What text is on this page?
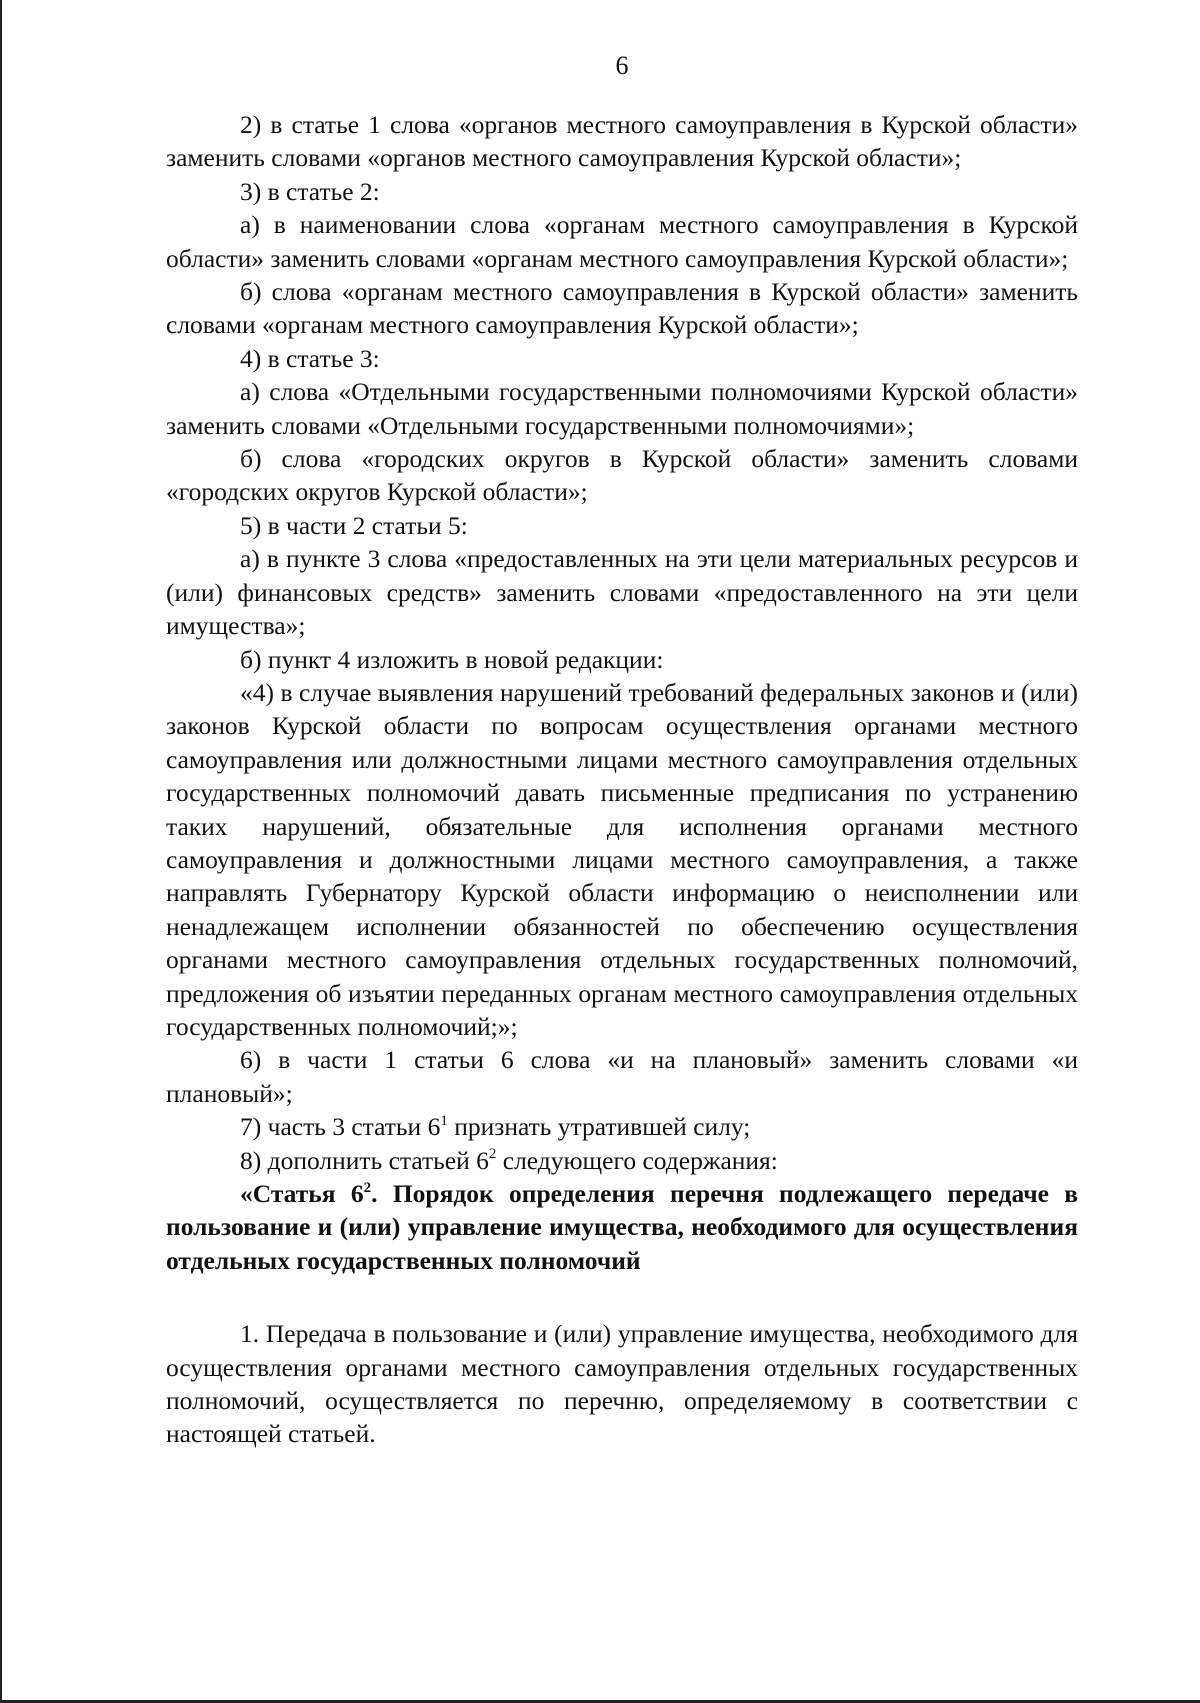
6

2) в статье 1 слова «органов местного самоуправления в Курской области» заменить словами «органов местного самоуправления Курской области»;

3) в статье 2:

а) в наименовании слова «органам местного самоуправления в Курской области» заменить словами «органам местного самоуправления Курской области»;

б) слова «органам местного самоуправления в Курской области» заменить словами «органам местного самоуправления Курской области»;

4) в статье 3:

а) слова «Отдельными государственными полномочиями Курской области» заменить словами «Отдельными государственными полномочиями»;

б) слова «городских округов в Курской области» заменить словами «городских округов Курской области»;

5) в части 2 статьи 5:

а) в пункте 3 слова «предоставленных на эти цели материальных ресурсов и (или) финансовых средств» заменить словами «предоставленного на эти цели имущества»;

б) пункт 4 изложить в новой редакции:

«4) в случае выявления нарушений требований федеральных законов и (или) законов Курской области по вопросам осуществления органами местного самоуправления или должностными лицами местного самоуправления отдельных государственных полномочий давать письменные предписания по устранению таких нарушений, обязательные для исполнения органами местного самоуправления и должностными лицами местного самоуправления, а также направлять Губернатору Курской области информацию о неисполнении или ненадлежащем исполнении обязанностей по обеспечению осуществления органами местного самоуправления отдельных государственных полномочий, предложения об изъятии переданных органам местного самоуправления отдельных государственных полномочий;»;

6) в части 1 статьи 6 слова «и на плановый» заменить словами «и плановый»;

7) часть 3 статьи $6^1$ признать утратившей силу;

8) дополнить статьей $6^2$ следующего содержания:

«Статья $6^2$. Порядок определения перечня подлежащего передаче в пользование и (или) управление имущества, необходимого для осуществления отдельных государственных полномочий

1. Передача в пользование и (или) управление имущества, необходимого для осуществления органами местного самоуправления отдельных государственных полномочий, осуществляется по перечню, определяемому в соответствии с настоящей статьей.
